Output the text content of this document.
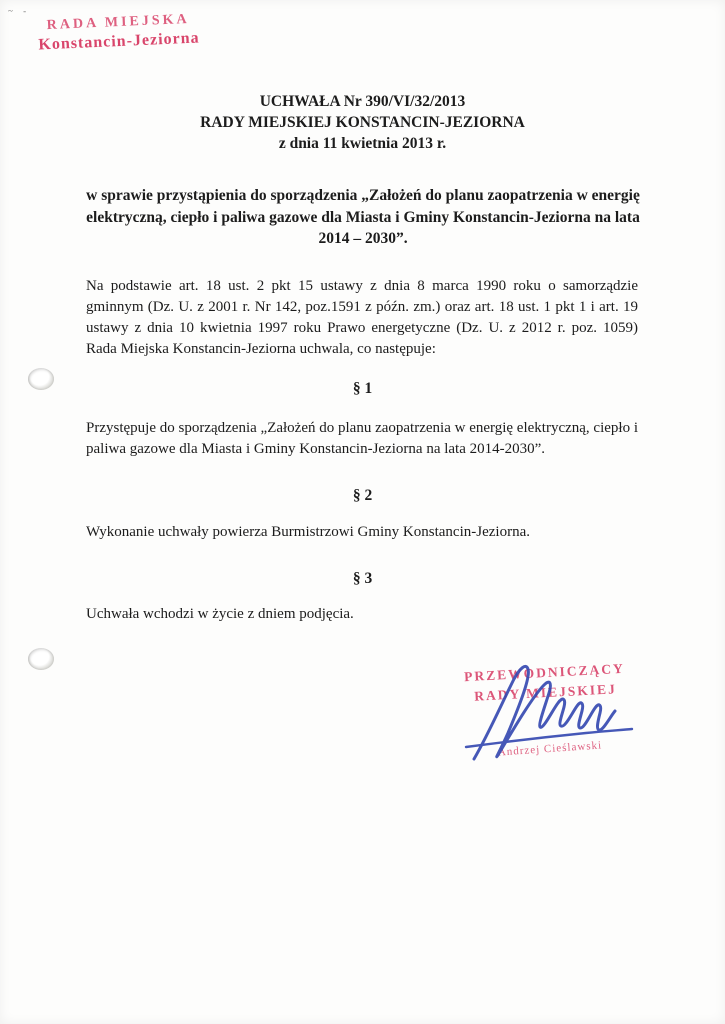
~ -
RADA MIEJSKA
Konstancin-Jeziorna
UCHWAŁA Nr 390/VI/32/2013
RADY MIEJSKIEJ KONSTANCIN-JEZIORNA
z dnia 11 kwietnia 2013 r.
w sprawie przystąpienia do sporządzenia „Założeń do planu zaopatrzenia w energię elektryczną, ciepło i paliwa gazowe dla Miasta i Gminy Konstancin-Jeziorna na lata 2014 – 2030”.

Na podstawie art. 18 ust. 2 pkt 15 ustawy z dnia 8 marca 1990 roku o samorządzie gminnym (Dz. U. z 2001 r. Nr 142, poz.1591 z późn. zm.) oraz art. 18 ust. 1 pkt 1 i art. 19 ustawy z dnia 10 kwietnia 1997 roku Prawo energetyczne (Dz. U. z 2012 r. poz. 1059) Rada Miejska Konstancin-Jeziorna uchwala, co następuje:

§ 1

Przystępuje do sporządzenia „Założeń do planu zaopatrzenia w energię elektryczną, ciepło i paliwa gazowe dla Miasta i Gminy Konstancin-Jeziorna na lata 2014-2030”.

§ 2

Wykonanie uchwały powierza Burmistrzowi Gminy Konstancin-Jeziorna.

§ 3

Uchwała wchodzi w życie z dniem podjęcia.

PRZEWODNICZĄCY
RADY MIEJSKIEJ
Andrzej Cieślawski
